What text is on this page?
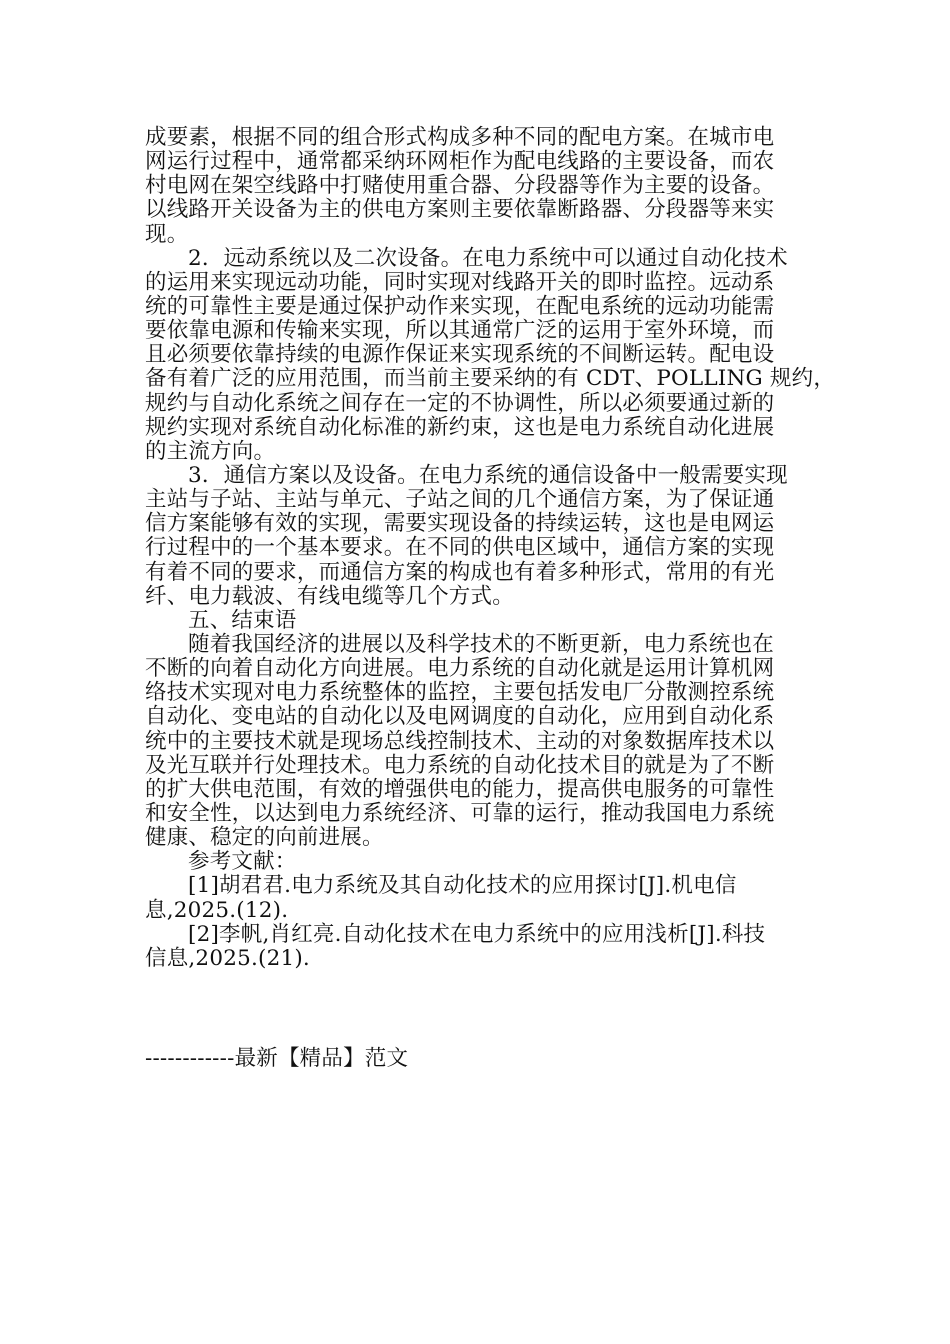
成要素，根据不同的组合形式构成多种不同的配电方案。在城市电
网运行过程中，通常都采纳环网柜作为配电线路的主要设备，而农
村电网在架空线路中打赌使用重合器、分段器等作为主要的设备。
以线路开关设备为主的供电方案则主要依靠断路器、分段器等来实
现。
2．远动系统以及二次设备。在电力系统中可以通过自动化技术
的运用来实现远动功能，同时实现对线路开关的即时监控。远动系
统的可靠性主要是通过保护动作来实现，在配电系统的远动功能需
要依靠电源和传输来实现，所以其通常广泛的运用于室外环境，而
且必须要依靠持续的电源作保证来实现系统的不间断运转。配电设
备有着广泛的应用范围，而当前主要采纳的有 CDT、POLLING 规约，
规约与自动化系统之间存在一定的不协调性，所以必须要通过新的
规约实现对系统自动化标准的新约束，这也是电力系统自动化进展
的主流方向。
3．通信方案以及设备。在电力系统的通信设备中一般需要实现
主站与子站、主站与单元、子站之间的几个通信方案，为了保证通
信方案能够有效的实现，需要实现设备的持续运转，这也是电网运
行过程中的一个基本要求。在不同的供电区域中，通信方案的实现
有着不同的要求，而通信方案的构成也有着多种形式，常用的有光
纤、电力载波、有线电缆等几个方式。
五、结束语
随着我国经济的进展以及科学技术的不断更新，电力系统也在
不断的向着自动化方向进展。电力系统的自动化就是运用计算机网
络技术实现对电力系统整体的监控，主要包括发电厂分散测控系统
自动化、变电站的自动化以及电网调度的自动化，应用到自动化系
统中的主要技术就是现场总线控制技术、主动的对象数据库技术以
及光互联并行处理技术。电力系统的自动化技术目的就是为了不断
的扩大供电范围，有效的增强供电的能力，提高供电服务的可靠性
和安全性，以达到电力系统经济、可靠的运行，推动我国电力系统
健康、稳定的向前进展。
参考文献：
[1]胡君君.电力系统及其自动化技术的应用探讨[J].机电信
息,2025.(12).
[2]李帆,肖红亮.自动化技术在电力系统中的应用浅析[J].科技
信息,2025.(21).
------------最新【精品】范文
